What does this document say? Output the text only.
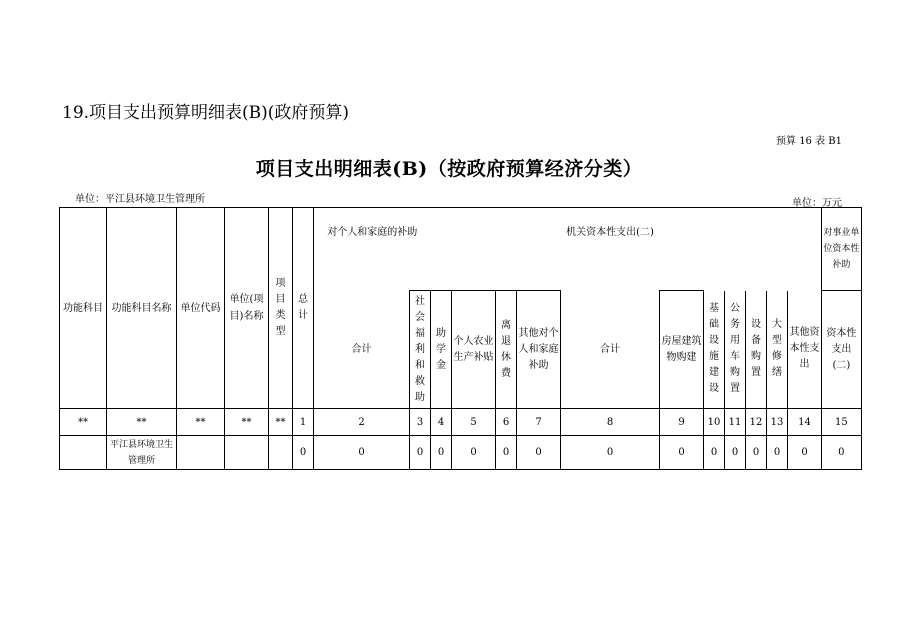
19.项目支出预算明细表(B)(政府预算)
预算 16 表 B1
项目支出明细表(B)（按政府预算经济分类）
单位：平江县环境卫生管理所	单位：万元
功能科目	功能科目名称	单位代码	单位(项目)名称	项目类型	总计	对个人和家庭的补助						机关资本性支出(二)							对事业单位资本性补助
						合计	社会福利和救助	助学金	个人农业生产补贴	离退休费	其他对个人和家庭补助	合计	房屋建筑物购建	基础设施建设	公务用车购置	设备购置	大型修缮	其他资本性支出	资本性支出(二)
**	**	**	**	**	1	2	3	4	5	6	7	8	9	10	11	12	13	14	15
	平江县环境卫生管理所				0	0	0	0	0	0	0	0	0	0	0	0	0	0	0
